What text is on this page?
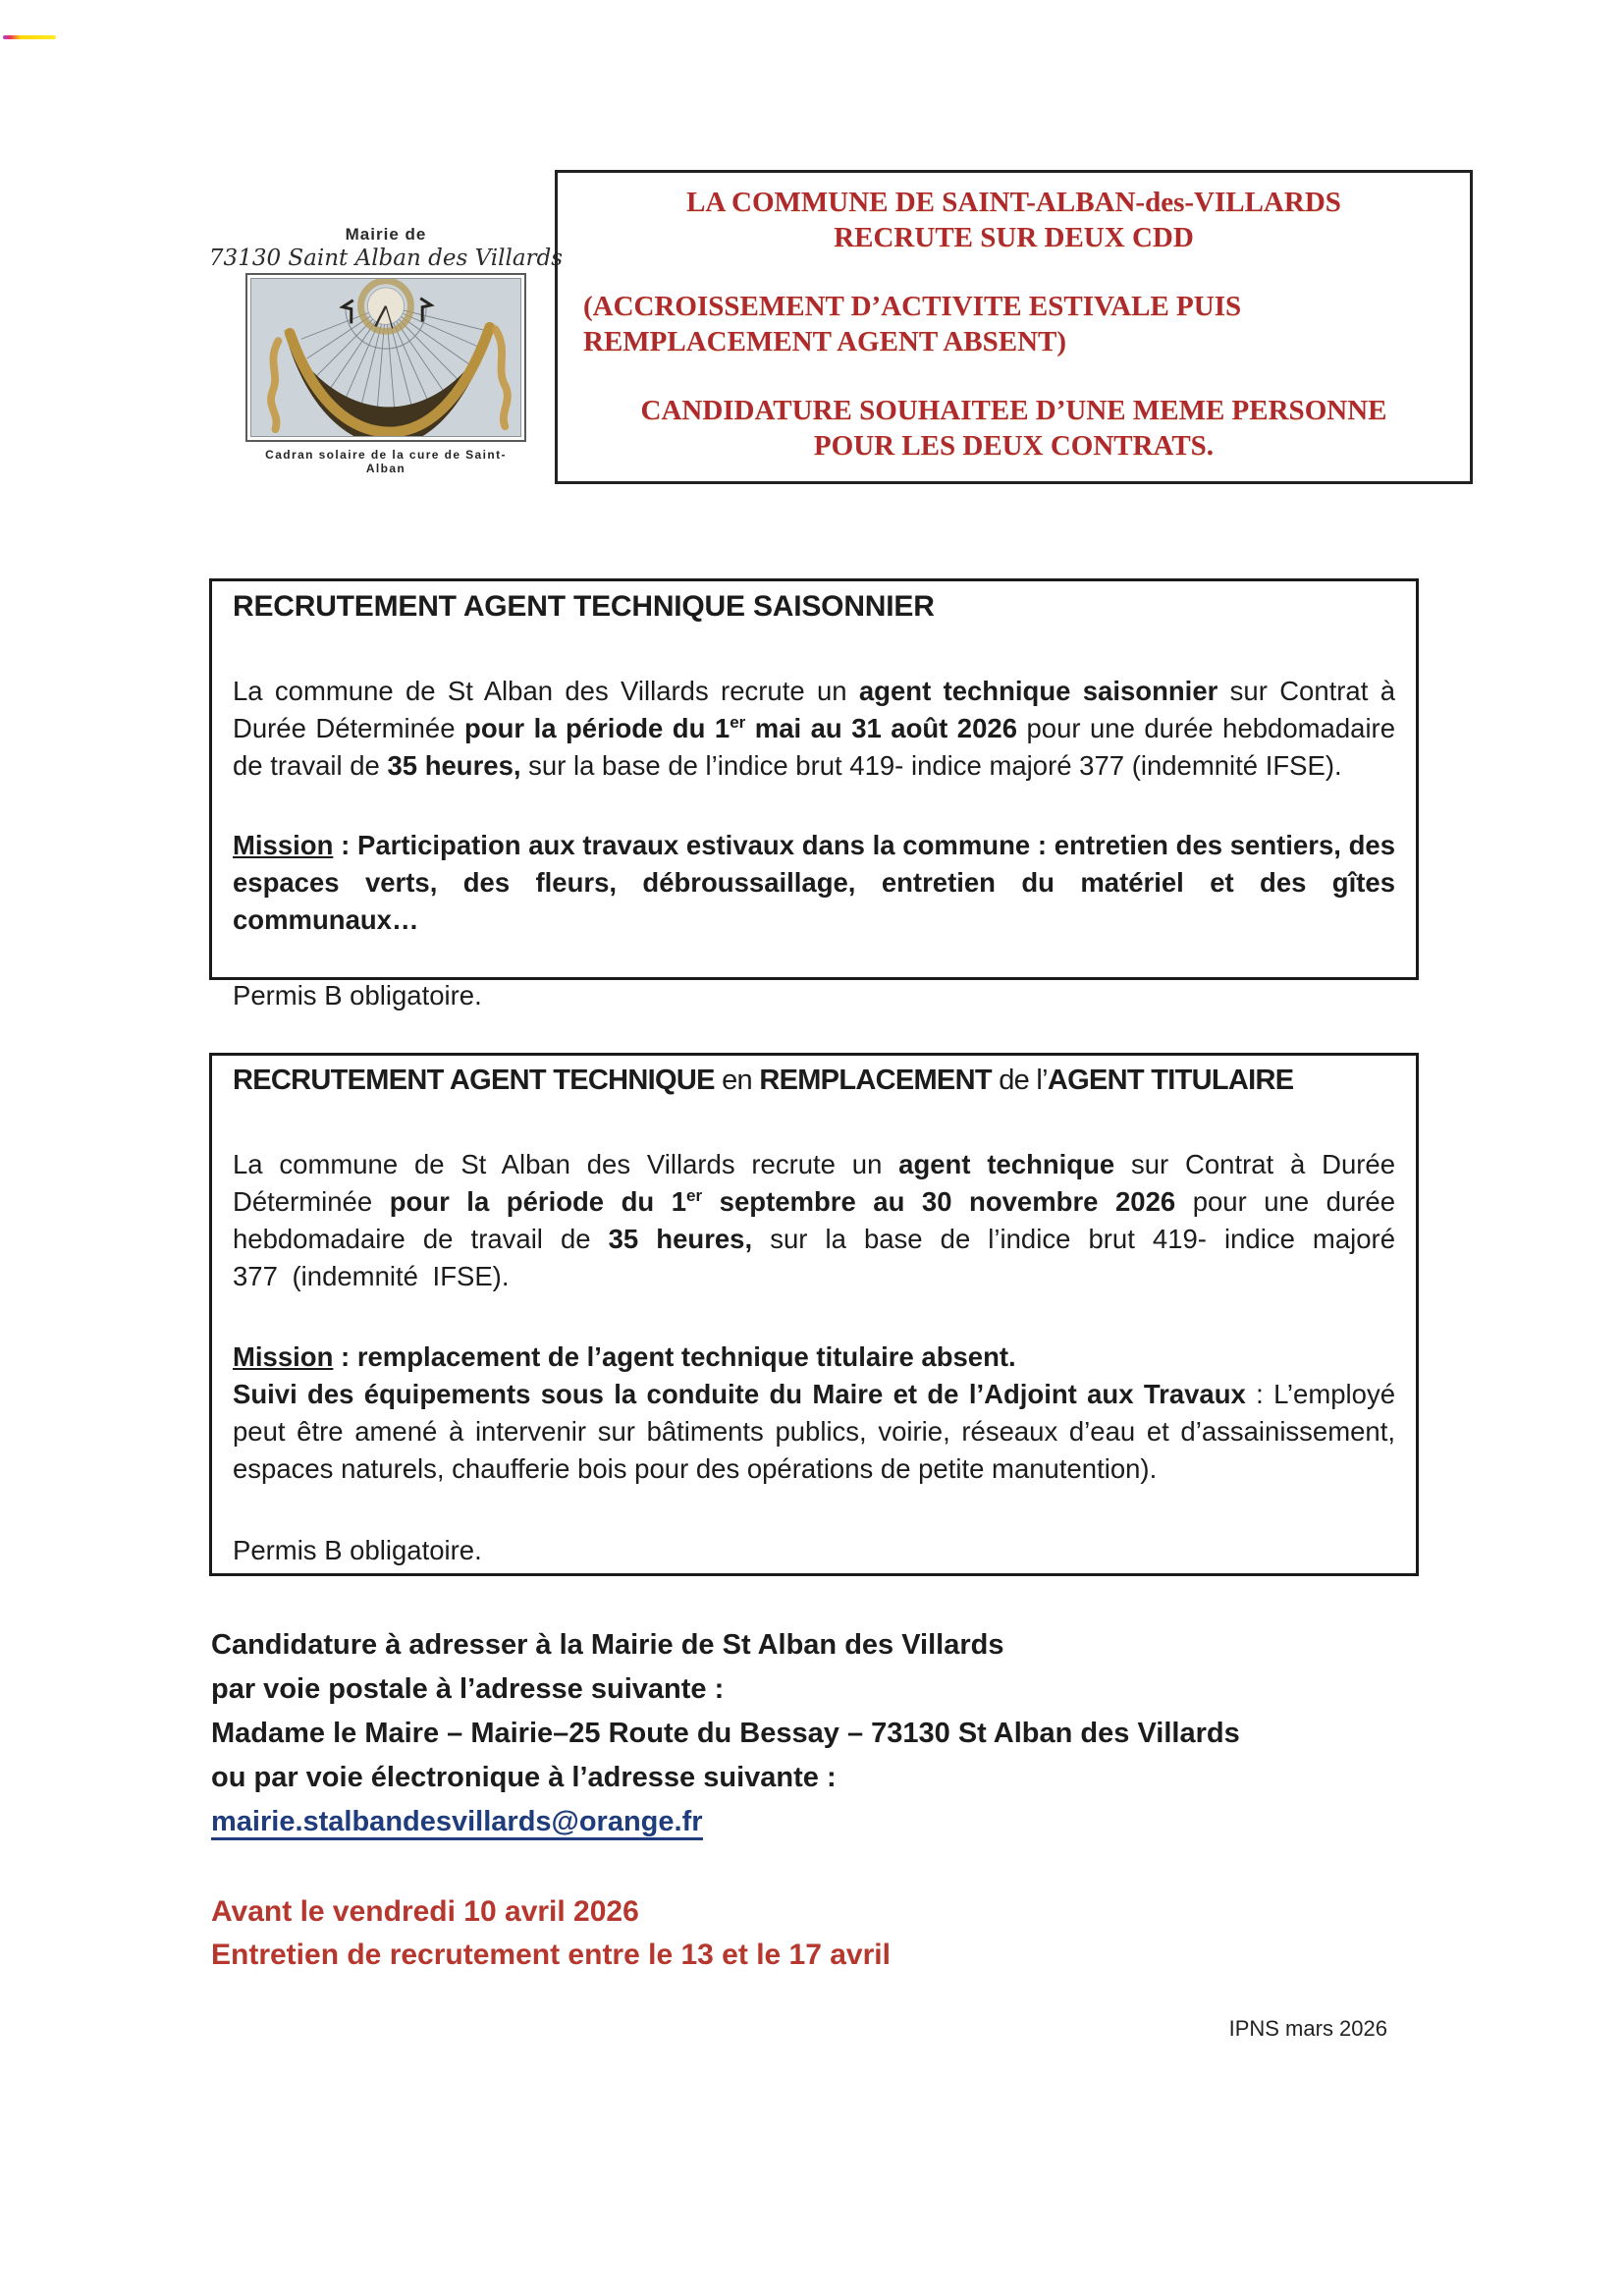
Mairie de
73130 Saint Alban des Villards
Cadran solaire de la cure de Saint-Alban
LA COMMUNE DE SAINT-ALBAN-des-VILLARDS
RECRUTE SUR DEUX CDD
(ACCROISSEMENT D’ACTIVITE ESTIVALE PUIS
REMPLACEMENT AGENT ABSENT)
CANDIDATURE SOUHAITEE D’UNE MEME PERSONNE
POUR LES DEUX CONTRATS.
RECRUTEMENT AGENT TECHNIQUE SAISONNIER

La commune de St Alban des Villards recrute un agent technique saisonnier sur Contrat à Durée Déterminée pour la période du 1er mai au 31 août 2026 pour une durée hebdomadaire de travail de 35 heures, sur la base de l’indice brut 419- indice majoré 377 (indemnité IFSE).

Mission : Participation aux travaux estivaux dans la commune : entretien des sentiers, des espaces verts, des fleurs, débroussaillage, entretien du matériel et des gîtes communaux…

Permis B obligatoire.

RECRUTEMENT AGENT TECHNIQUE en REMPLACEMENT de l’AGENT TITULAIRE

La commune de St Alban des Villards recrute un agent technique sur Contrat à Durée Déterminée pour la période du 1er septembre au 30 novembre 2026 pour une durée hebdomadaire de travail de 35 heures, sur la base de l’indice brut 419- indice majoré 377 (indemnité IFSE).

Mission : remplacement de l’agent technique titulaire absent.

Suivi des équipements sous la conduite du Maire et de l’Adjoint aux Travaux : L’employé peut être amené à intervenir sur bâtiments publics, voirie, réseaux d’eau et d’assainissement, espaces naturels, chaufferie bois pour des opérations de petite manutention).

Permis B obligatoire.

Candidature à adresser à la Mairie de St Alban des Villards
par voie postale à l’adresse suivante :
Madame le Maire – Mairie–25 Route du Bessay – 73130 St Alban des Villards
ou par voie électronique à l’adresse suivante :
mairie.stalbandesvillards@orange.fr
Avant le vendredi 10 avril 2026
Entretien de recrutement entre le 13 et le 17 avril
IPNS mars 2026
